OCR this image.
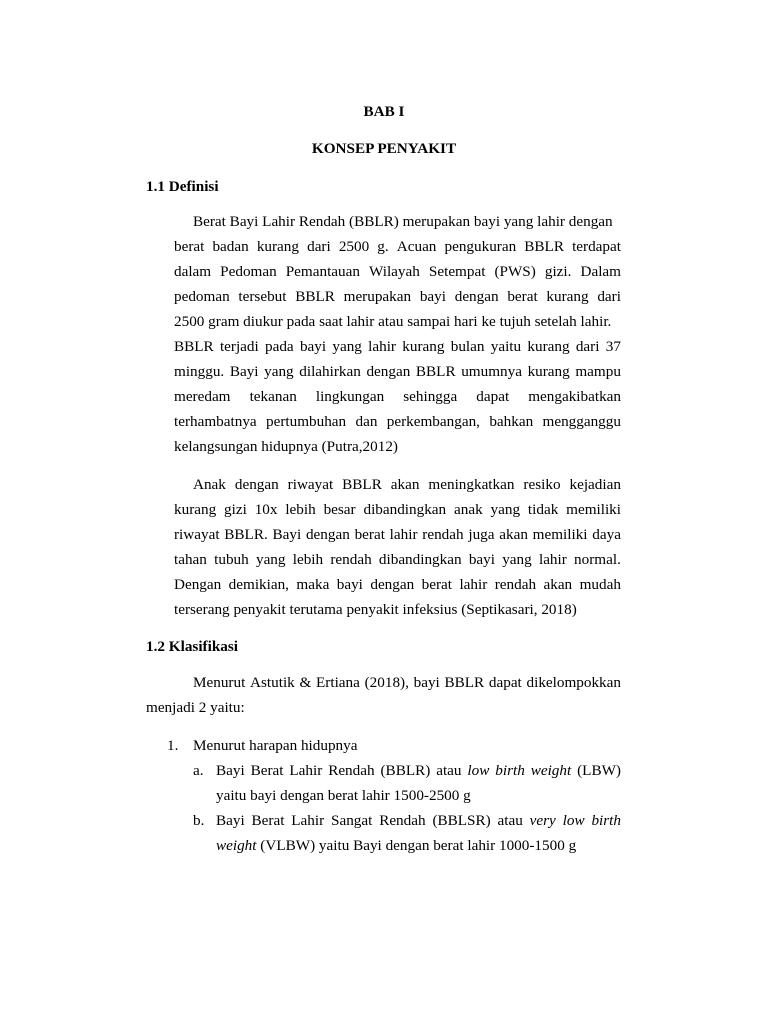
BAB I
KONSEP PENYAKIT
1.1 Definisi
Berat Bayi Lahir Rendah (BBLR) merupakan bayi yang lahir dengan
berat badan kurang dari 2500 g. Acuan pengukuran BBLR terdapat
dalam Pedoman Pemantauan Wilayah Setempat (PWS) gizi. Dalam
pedoman tersebut BBLR merupakan bayi dengan berat kurang dari
2500 gram diukur pada saat lahir atau sampai hari ke tujuh setelah lahir.
BBLR terjadi pada bayi yang lahir kurang bulan yaitu kurang dari 37
minggu. Bayi yang dilahirkan dengan BBLR umumnya kurang mampu
meredam tekanan lingkungan sehingga dapat mengakibatkan
terhambatnya pertumbuhan dan perkembangan, bahkan mengganggu
kelangsungan hidupnya (Putra,2012)
Anak dengan riwayat BBLR akan meningkatkan resiko kejadian
kurang gizi 10x lebih besar dibandingkan anak yang tidak memiliki
riwayat BBLR. Bayi dengan berat lahir rendah juga akan memiliki daya
tahan tubuh yang lebih rendah dibandingkan bayi yang lahir normal.
Dengan demikian, maka bayi dengan berat lahir rendah akan mudah
terserang penyakit terutama penyakit infeksius (Septikasari, 2018)
1.2 Klasifikasi
Menurut Astutik & Ertiana (2018), bayi BBLR dapat dikelompokkan
menjadi 2 yaitu:
1. Menurut harapan hidupnya
a. Bayi Berat Lahir Rendah (BBLR) atau low birth weight (LBW)
yaitu bayi dengan berat lahir 1500-2500 g
b. Bayi Berat Lahir Sangat Rendah (BBLSR) atau very low birth
weight (VLBW) yaitu Bayi dengan berat lahir 1000-1500 g
